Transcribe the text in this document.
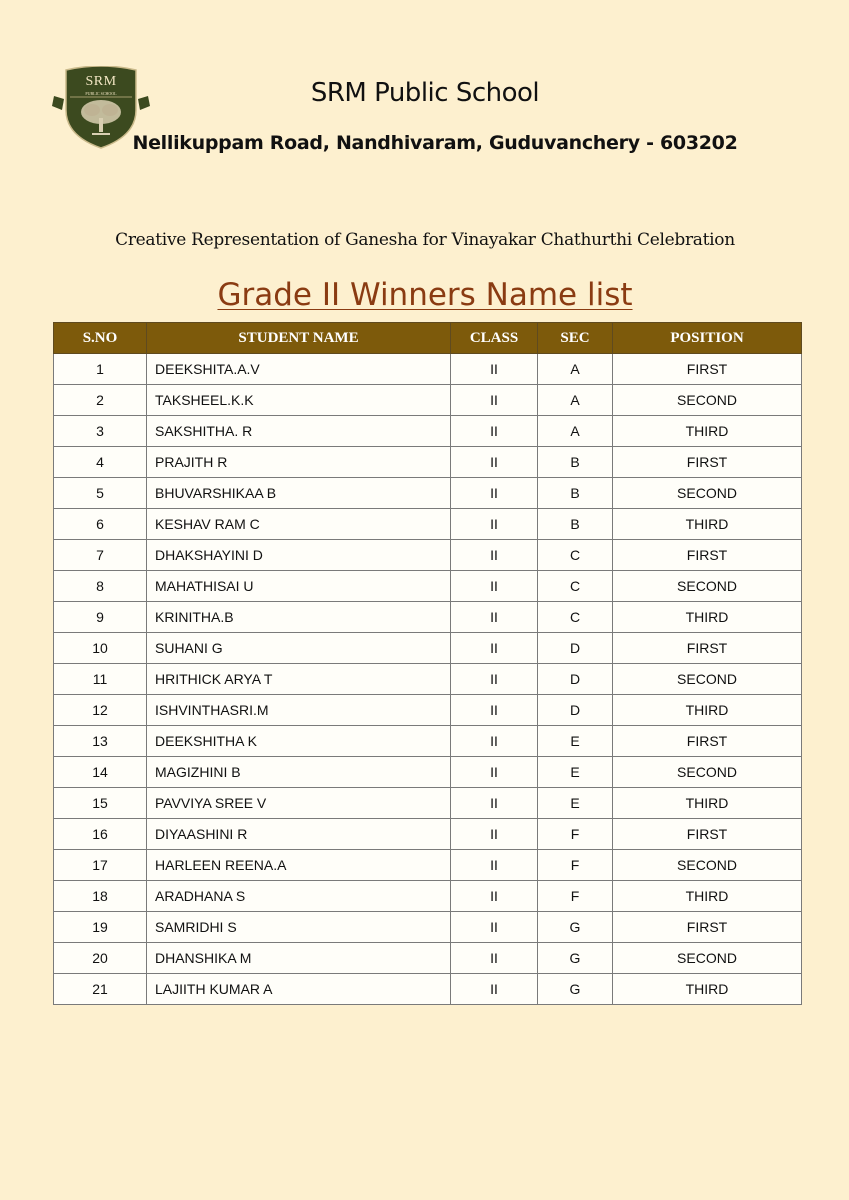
SRM
PUBLIC SCHOOL	SRM Public School
Nellikuppam Road, Nandhivaram, Guduvanchery - 603202
Creative Representation of Ganesha for Vinayakar Chathurthi Celebration
Grade II Winners Name list
S.NO	STUDENT NAME	CLASS	SEC	POSITION
1	DEEKSHITA.A.V	II	A	FIRST
2	TAKSHEEL.K.K	II	A	SECOND
3	SAKSHITHA. R	II	A	THIRD
4	PRAJITH R	II	B	FIRST
5	BHUVARSHIKAA B	II	B	SECOND
6	KESHAV RAM C	II	B	THIRD
7	DHAKSHAYINI D	II	C	FIRST
8	MAHATHISAI U	II	C	SECOND
9	KRINITHA.B	II	C	THIRD
10	SUHANI G	II	D	FIRST
11	HRITHICK ARYA T	II	D	SECOND
12	ISHVINTHASRI.M	II	D	THIRD
13	DEEKSHITHA K	II	E	FIRST
14	MAGIZHINI B	II	E	SECOND
15	PAVVIYA SREE V	II	E	THIRD
16	DIYAASHINI R	II	F	FIRST
17	HARLEEN REENA.A	II	F	SECOND
18	ARADHANA S	II	F	THIRD
19	SAMRIDHI S	II	G	FIRST
20	DHANSHIKA M	II	G	SECOND
21	LAJIITH KUMAR A	II	G	THIRD
